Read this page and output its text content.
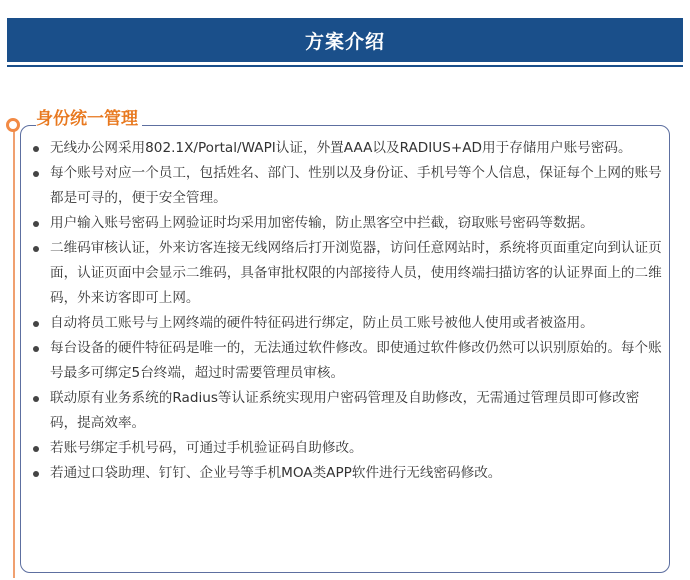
方案介绍
身份统一管理
无线办公网采用802.1X/Portal/WAPI认证，外置AAA以及RADIUS+AD用于存储用户账号密码。
每个账号对应一个员工，包括姓名、部门、性别以及身份证、手机号等个人信息，保证每个上网的账号都是可寻的，便于安全管理。
用户输入账号密码上网验证时均采用加密传输，防止黑客空中拦截，窃取账号密码等数据。
二维码审核认证，外来访客连接无线网络后打开浏览器，访问任意网站时，系统将页面重定向到认证页面，认证页面中会显示二维码，具备审批权限的内部接待人员，使用终端扫描访客的认证界面上的二维码，外来访客即可上网。
自动将员工账号与上网终端的硬件特征码进行绑定，防止员工账号被他人使用或者被盗用。
每台设备的硬件特征码是唯一的，无法通过软件修改。即使通过软件修改仍然可以识别原始的。每个账号最多可绑定5台终端，超过时需要管理员审核。
联动原有业务系统的Radius等认证系统实现用户密码管理及自助修改，无需通过管理员即可修改密码，提高效率。
若账号绑定手机号码，可通过手机验证码自助修改。
若通过口袋助理、钉钉、企业号等手机MOA类APP软件进行无线密码修改。
